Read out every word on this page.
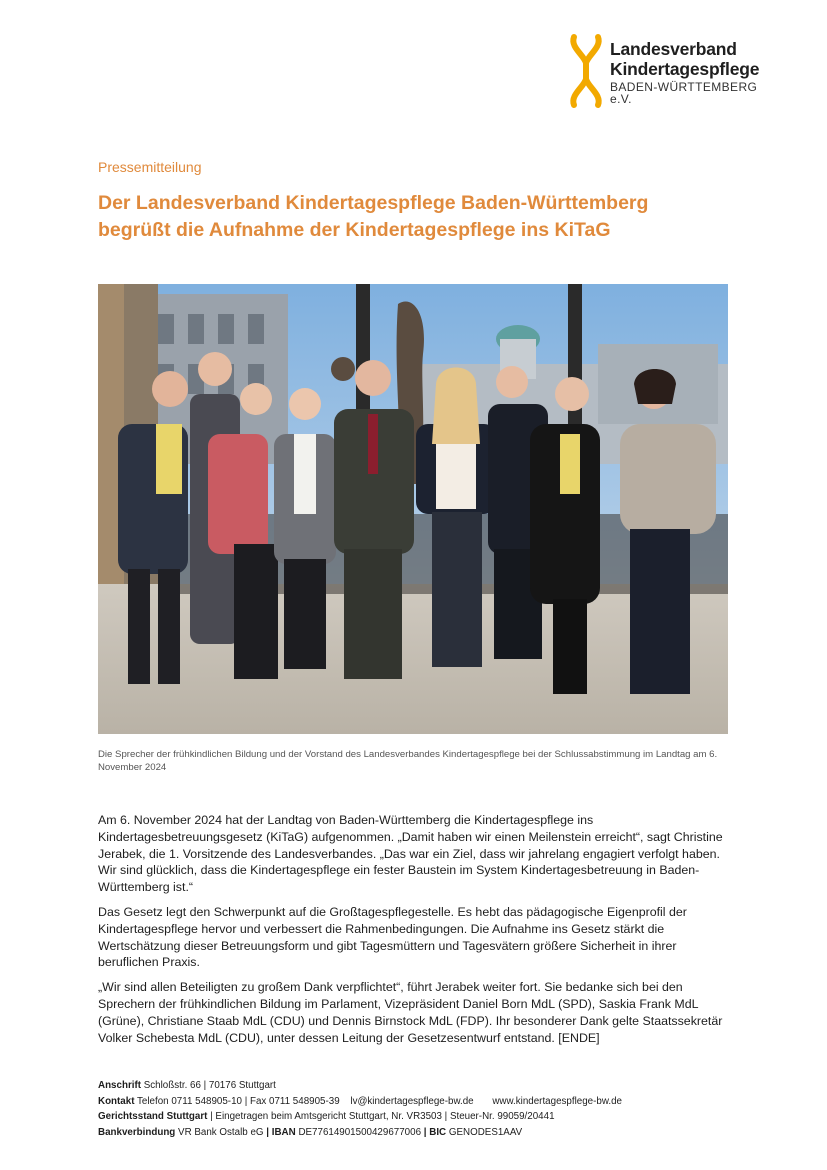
Landesverband
Kindertagespflege
BADEN-WÜRTTEMBERG e.V.
Pressemitteilung
Der Landesverband Kindertagespflege Baden-Württemberg
begrüßt die Aufnahme der Kindertagespflege ins KiTaG

Die Sprecher der frühkindlichen Bildung und der Vorstand des Landesverbandes Kindertagespflege bei der Schlussabstimmung im Landtag am 6. November 2024

Am 6. November 2024 hat der Landtag von Baden-Württemberg die Kindertagespflege ins Kindertagesbetreuungsgesetz (KiTaG) aufgenommen. „Damit haben wir einen Meilenstein erreicht“, sagt Christine Jerabek, die 1. Vorsitzende des Landesverbandes. „Das war ein Ziel, dass wir jahrelang engagiert verfolgt haben. Wir sind glücklich, dass die Kindertagespflege ein fester Baustein im System Kindertagesbetreuung in Baden-Württemberg ist.“

Das Gesetz legt den Schwerpunkt auf die Großtagespflegestelle. Es hebt das pädagogische Eigenprofil der Kindertagespflege hervor und verbessert die Rahmenbedingungen. Die Aufnahme ins Gesetz stärkt die Wertschätzung dieser Betreuungsform und gibt Tagesmüttern und Tagesvätern größere Sicherheit in ihrer beruflichen Praxis.

„Wir sind allen Beteiligten zu großem Dank verpflichtet“, führt Jerabek weiter fort. Sie bedanke sich bei den Sprechern der frühkindlichen Bildung im Parlament, Vizepräsident Daniel Born MdL (SPD), Saskia Frank MdL (Grüne), Christiane Staab MdL (CDU) und Dennis Birnstock MdL (FDP). Ihr besonderer Dank gelte Staatssekretär Volker Schebesta MdL (CDU), unter dessen Leitung der Gesetzesentwurf entstand. [ENDE]

Anschrift Schloßstr. 66 | 70176 Stuttgart
Kontakt Telefon 0711 548905-10 | Fax 0711 548905-39 lv@kindertagespflege-bw.de www.kindertagespflege-bw.de
Gerichtsstand Stuttgart | Eingetragen beim Amtsgericht Stuttgart, Nr. VR3503 | Steuer-Nr. 99059/20441
Bankverbindung VR Bank Ostalb eG | IBAN DE77614901500429677006 | BIC GENODES1AAV
